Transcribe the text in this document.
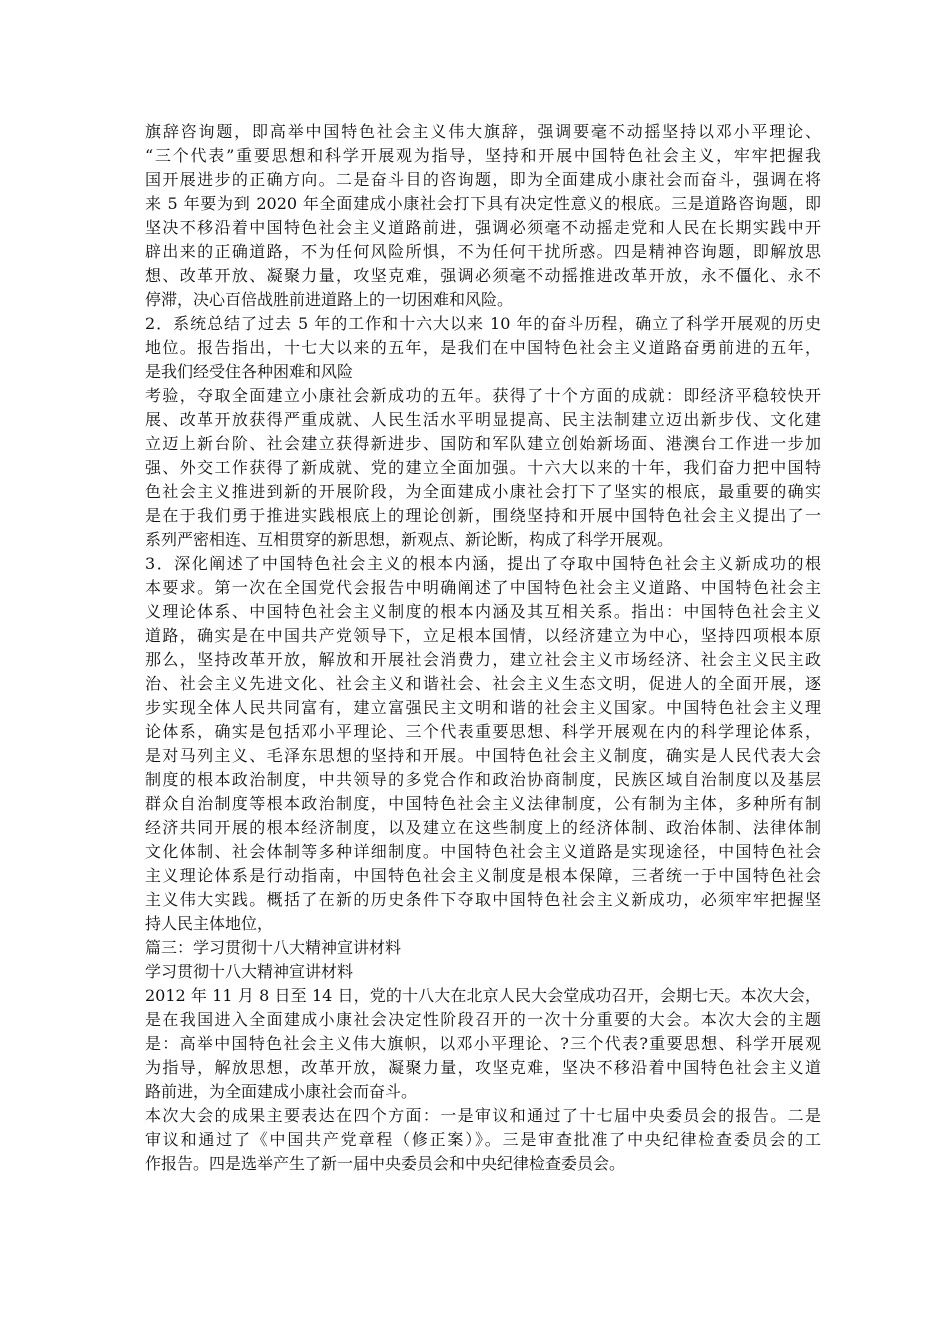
旗辞咨询题，即高举中国特色社会主义伟大旗辞，强调要毫不动摇坚持以邓小平理论、
“三个代表”重要思想和科学开展观为指导，坚持和开展中国特色社会主义，牢牢把握我
国开展进步的正确方向。二是奋斗目的咨询题，即为全面建成小康社会而奋斗，强调在将
来 5 年要为到 2020 年全面建成小康社会打下具有决定性意义的根底。三是道路咨询题，即
坚决不移沿着中国特色社会主义道路前进，强调必须毫不动摇走党和人民在长期实践中开
辟出来的正确道路，不为任何风险所惧，不为任何干扰所惑。四是精神咨询题，即解放思
想、改革开放、凝聚力量，攻坚克难，强调必须毫不动摇推进改革开放，永不僵化、永不
停滞，决心百倍战胜前进道路上的一切困难和风险。
2．系统总结了过去 5 年的工作和十六大以来 10 年的奋斗历程，确立了科学开展观的历史
地位。报告指出，十七大以来的五年，是我们在中国特色社会主义道路奋勇前进的五年，
是我们经受住各种困难和风险
考验，夺取全面建立小康社会新成功的五年。获得了十个方面的成就：即经济平稳较快开
展、改革开放获得严重成就、人民生活水平明显提高、民主法制建立迈出新步伐、文化建
立迈上新台阶、社会建立获得新进步、国防和军队建立创始新场面、港澳台工作进一步加
强、外交工作获得了新成就、党的建立全面加强。十六大以来的十年，我们奋力把中国特
色社会主义推进到新的开展阶段，为全面建成小康社会打下了坚实的根底，最重要的确实
是在于我们勇于推进实践根底上的理论创新，围绕坚持和开展中国特色社会主义提出了一
系列严密相连、互相贯穿的新思想，新观点、新论断，构成了科学开展观。
3．深化阐述了中国特色社会主义的根本内涵，提出了夺取中国特色社会主义新成功的根
本要求。第一次在全国党代会报告中明确阐述了中国特色社会主义道路、中国特色社会主
义理论体系、中国特色社会主义制度的根本内涵及其互相关系。指出：中国特色社会主义
道路，确实是在中国共产党领导下，立足根本国情，以经济建立为中心，坚持四项根本原
那么，坚持改革开放，解放和开展社会消费力，建立社会主义市场经济、社会主义民主政
治、社会主义先进文化、社会主义和谐社会、社会主义生态文明，促进人的全面开展，逐
步实现全体人民共同富有，建立富强民主文明和谐的社会主义国家。中国特色社会主义理
论体系，确实是包括邓小平理论、三个代表重要思想、科学开展观在内的科学理论体系，
是对马列主义、毛泽东思想的坚持和开展。中国特色社会主义制度，确实是人民代表大会
制度的根本政治制度，中共领导的多党合作和政治协商制度，民族区域自治制度以及基层
群众自治制度等根本政治制度，中国特色社会主义法律制度，公有制为主体，多种所有制
经济共同开展的根本经济制度，以及建立在这些制度上的经济体制、政治体制、法律体制
文化体制、社会体制等多种详细制度。中国特色社会主义道路是实现途径，中国特色社会
主义理论体系是行动指南，中国特色社会主义制度是根本保障，三者统一于中国特色社会
主义伟大实践。概括了在新的历史条件下夺取中国特色社会主义新成功，必须牢牢把握坚
持人民主体地位，
篇三：学习贯彻十八大精神宣讲材料
学习贯彻十八大精神宣讲材料
2012 年 11 月 8 日至 14 日，党的十八大在北京人民大会堂成功召开，会期七天。本次大会，
是在我国进入全面建成小康社会决定性阶段召开的一次十分重要的大会。本次大会的主题
是：高举中国特色社会主义伟大旗帜，以邓小平理论、?三个代表?重要思想、科学开展观
为指导，解放思想，改革开放，凝聚力量，攻坚克难，坚决不移沿着中国特色社会主义道
路前进，为全面建成小康社会而奋斗。
本次大会的成果主要表达在四个方面：一是审议和通过了十七届中央委员会的报告。二是
审议和通过了《中国共产党章程（修正案）》。三是审查批准了中央纪律检查委员会的工
作报告。四是选举产生了新一届中央委员会和中央纪律检查委员会。
